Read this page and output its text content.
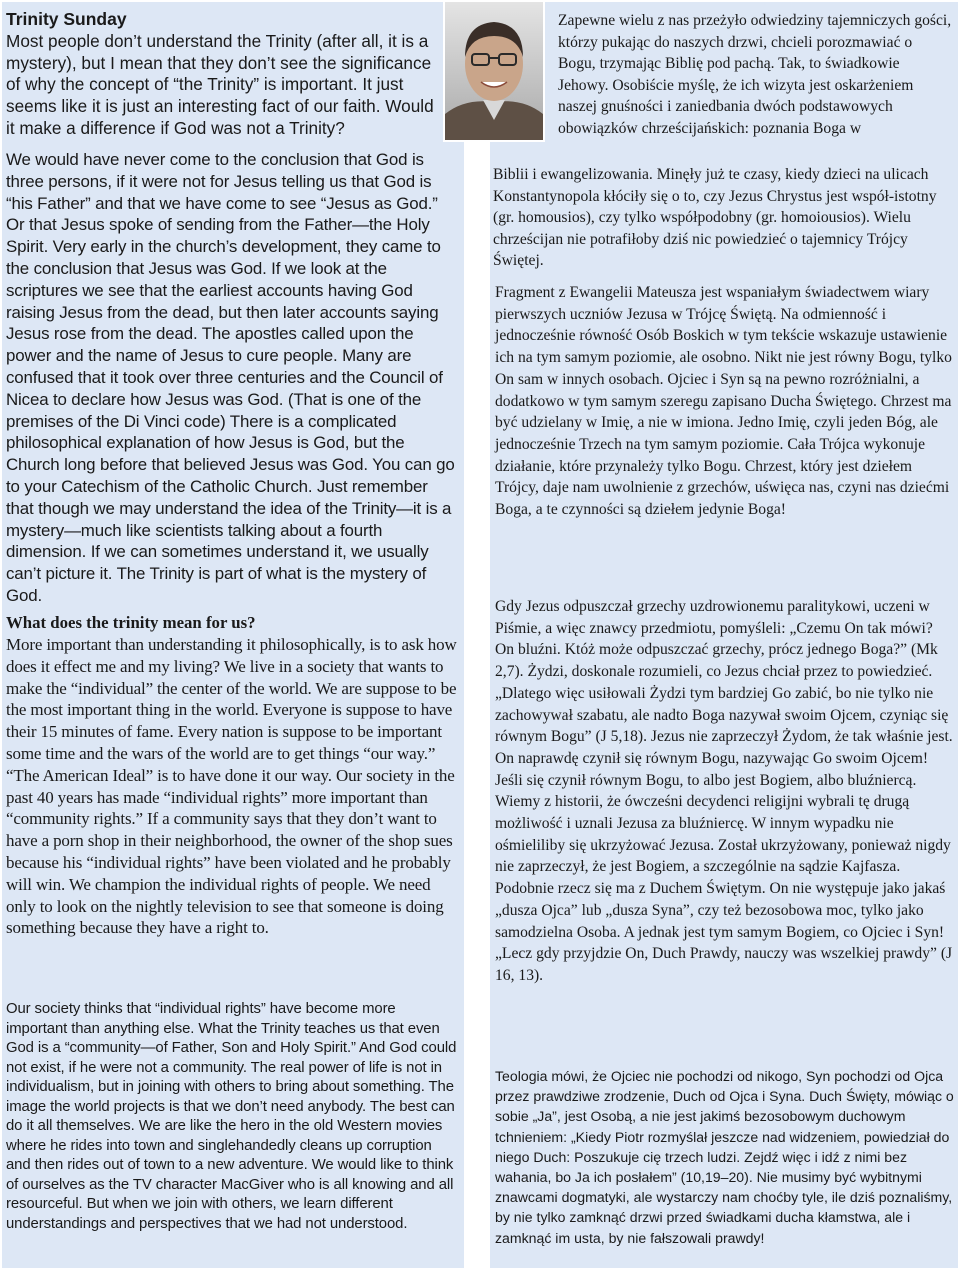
Trinity Sunday

Most people don’t understand the Trinity (after all, it is a mystery), but I mean that they don’t see the significance of why the concept of “the Trinity” is important. It just seems like it is just an interesting fact of our faith. Would it make a difference if God was not a Trinity?

We would have never come to the conclusion that God is three persons, if it were not for Jesus telling us that God is “his Father” and that we have come to see “Jesus as God.” Or that Jesus spoke of sending from the Father—the Holy Spirit. Very early in the church’s development, they came to the conclusion that Jesus was God. If we look at the scriptures we see that the earliest accounts having God raising Jesus from the dead, but then later accounts saying Jesus rose from the dead. The apostles called upon the power and the name of Jesus to cure people. Many are confused that it took over three centuries and the Council of Nicea to declare how Jesus was God. (That is one of the premises of the Di Vinci code) There is a complicated philosophical explanation of how Jesus is God, but the Church long before that believed Jesus was God. You can go to your Catechism of the Catholic Church. Just remember that though we may understand the idea of the Trinity—it is a mystery—much like scientists talking about a fourth dimension. If we can sometimes understand it, we usually can’t picture it. The Trinity is part of what is the mystery of God.

What does the trinity mean for us?

More important than understanding it philosophically, is to ask how does it effect me and my living? We live in a society that wants to make the “individual” the center of the world. We are suppose to be the most important thing in the world. Everyone is suppose to have their 15 minutes of fame. Every nation is suppose to be important some time and the wars of the world are to get things “our way.” “The American Ideal” is to have done it our way. Our society in the past 40 years has made “individual rights” more important than “community rights.” If a community says that they don’t want to have a porn shop in their neighborhood, the owner of the shop sues because his “individual rights” have been violated and he probably will win. We champion the individual rights of people. We need only to look on the nightly television to see that someone is doing something because they have a right to.

Our society thinks that “individual rights” have become more important than anything else. What the Trinity teaches us that even God is a “community—of Father, Son and Holy Spirit.” And God could not exist, if he were not a community. The real power of life is not in individualism, but in joining with others to bring about something. The image the world projects is that we don’t need anybody. The best can do it all themselves. We are like the hero in the old Western movies where he rides into town and singlehandedly cleans up corruption and then rides out of town to a new adventure. We would like to think of ourselves as the TV character MacGiver who is all knowing and all resourceful. But when we join with others, we learn different understandings and perspectives that we had not understood.

Zapewne wielu z nas przeżyło odwiedziny tajemniczych gości, którzy pukając do naszych drzwi, chcieli porozmawiać o Bogu, trzymając Biblię pod pachą. Tak, to świadkowie Jehowy. Osobiście myślę, że ich wizyta jest oskarżeniem naszej gnuśności i zaniedbania dwóch podstawowych obowiązków chrześcijańskich: poznania Boga w

Biblii i ewangelizowania. Minęły już te czasy, kiedy dzieci na ulicach Konstantynopola kłóciły się o to, czy Jezus Chrystus jest współ-istotny (gr. homousios), czy tylko współpodobny (gr. homoiousios). Wielu chrześcijan nie potrafiłoby dziś nic powiedzieć o tajemnicy Trójcy Świętej.

Fragment z Ewangelii Mateusza jest wspaniałym świadectwem wiary pierwszych uczniów Jezusa w Trójcę Świętą. Na odmienność i jednocześnie równość Osób Boskich w tym tekście wskazuje ustawienie ich na tym samym poziomie, ale osobno. Nikt nie jest równy Bogu, tylko On sam w innych osobach. Ojciec i Syn są na pewno rozróżnialni, a dodatkowo w tym samym szeregu zapisano Ducha Świętego. Chrzest ma być udzielany w Imię, a nie w imiona. Jedno Imię, czyli jeden Bóg, ale jednocześnie Trzech na tym samym poziomie. Cała Trójca wykonuje działanie, które przynależy tylko Bogu. Chrzest, który jest dziełem Trójcy, daje nam uwolnienie z grzechów, uświęca nas, czyni nas dziećmi Boga, a te czynności są dziełem jedynie Boga!

Gdy Jezus odpuszczał grzechy uzdrowionemu paralitykowi, uczeni w Piśmie, a więc znawcy przedmiotu, pomyśleli: „Czemu On tak mówi? On bluźni. Któż może odpuszczać grzechy, prócz jednego Boga?” (Mk 2,7). Żydzi, doskonale rozumieli, co Jezus chciał przez to powiedzieć. „Dlatego więc usiłowali Żydzi tym bardziej Go zabić, bo nie tylko nie zachowywał szabatu, ale nadto Boga nazywał swoim Ojcem, czyniąc się równym Bogu” (J 5,18). Jezus nie zaprzeczył Żydom, że tak właśnie jest. On naprawdę czynił się równym Bogu, nazywając Go swoim Ojcem! Jeśli się czynił równym Bogu, to albo jest Bogiem, albo bluźniercą. Wiemy z historii, że ówcześni decydenci religijni wybrali tę drugą możliwość i uznali Jezusa za bluźniercę. W innym wypadku nie ośmieliliby się ukrzyżować Jezusa. Został ukrzyżowany, ponieważ nigdy nie zaprzeczył, że jest Bogiem, a szczególnie na sądzie Kajfasza. Podobnie rzecz się ma z Duchem Świętym. On nie występuje jako jakaś „dusza Ojca” lub „dusza Syna”, czy też bezosobowa moc, tylko jako samodzielna Osoba. A jednak jest tym samym Bogiem, co Ojciec i Syn! „Lecz gdy przyjdzie On, Duch Prawdy, nauczy was wszelkiej prawdy” (J 16, 13).

Teologia mówi, że Ojciec nie pochodzi od nikogo, Syn pochodzi od Ojca przez prawdziwe zrodzenie, Duch od Ojca i Syna. Duch Święty, mówiąc o sobie „Ja”, jest Osobą, a nie jest jakimś bezosobowym duchowym tchnieniem: „Kiedy Piotr rozmyślał jeszcze nad widzeniem, powiedział do niego Duch: Poszukuje cię trzech ludzi. Zejdź więc i idź z nimi bez wahania, bo Ja ich posłałem” (10,19–20). Nie musimy być wybitnymi znawcami dogmatyki, ale wystarczy nam choćby tyle, ile dziś poznaliśmy, by nie tylko zamknąć drzwi przed świadkami ducha kłamstwa, ale i zamknąć im usta, by nie fałszowali prawdy!
